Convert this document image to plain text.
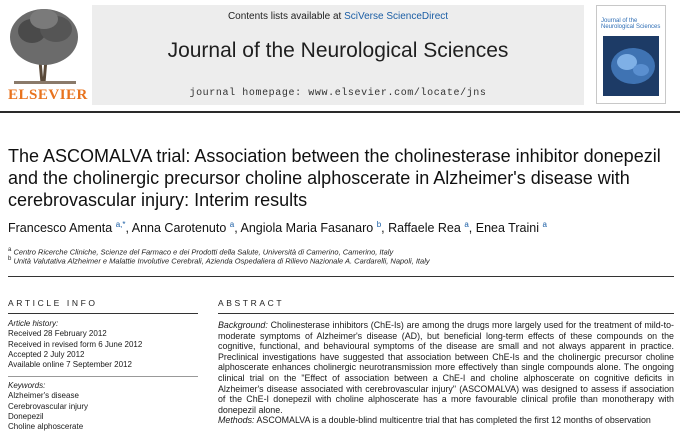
ELSEVIER
Contents lists available at SciVerse ScienceDirect
Journal of the Neurological Sciences
journal homepage: www.elsevier.com/locate/jns
Journal of the Neurological Sciences
The ASCOMALVA trial: Association between the cholinesterase inhibitor donepezil and the cholinergic precursor choline alphoscerate in Alzheimer's disease with cerebrovascular injury: Interim results
Francesco Amenta $^{a,*}$, Anna Carotenuto $^a$, Angiola Maria Fasanaro $^b$, Raffaele Rea $^a$, Enea Traini $^a$
$^a$ Centro Ricerche Cliniche, Scienze del Farmaco e dei Prodotti della Salute, Università di Camerino, Camerino, Italy
$^b$ Unità Valutativa Alzheimer e Malattie Involutive Cerebrali, Azienda Ospedaliera di Rilievo Nazionale A. Cardarelli, Napoli, Italy
ARTICLE INFO
Article history:
Received 28 February 2012
Received in revised form 6 June 2012
Accepted 2 July 2012
Available online 7 September 2012
Keywords:
Alzheimer's disease
Cerebrovascular injury
Donepezil
Choline alphoscerate
ABSTRACT
Background: Cholinesterase inhibitors (ChE-Is) are among the drugs more largely used for the treatment of mild-to-moderate symptoms of Alzheimer's disease (AD), but beneficial long-term effects of these compounds on the cognitive, functional, and behavioural symptoms of the disease are small and not always apparent in practice. Preclinical investigations have suggested that association between ChE-Is and the cholinergic precursor choline alphoscerate enhances cholinergic neurotransmission more effectively than single compounds alone. The ongoing clinical trial on the "Effect of association between a ChE-I and choline alphoscerate on cognitive deficits in Alzheimer's disease associated with cerebrovascular injury" (ASCOMALVA) was designed to assess if association of the ChE-I donepezil with choline alphoscerate has a more favourable clinical profile than monotherapy with donepezil alone.
Methods: ASCOMALVA is a double-blind multicentre trial that has completed the first 12 months of observation
